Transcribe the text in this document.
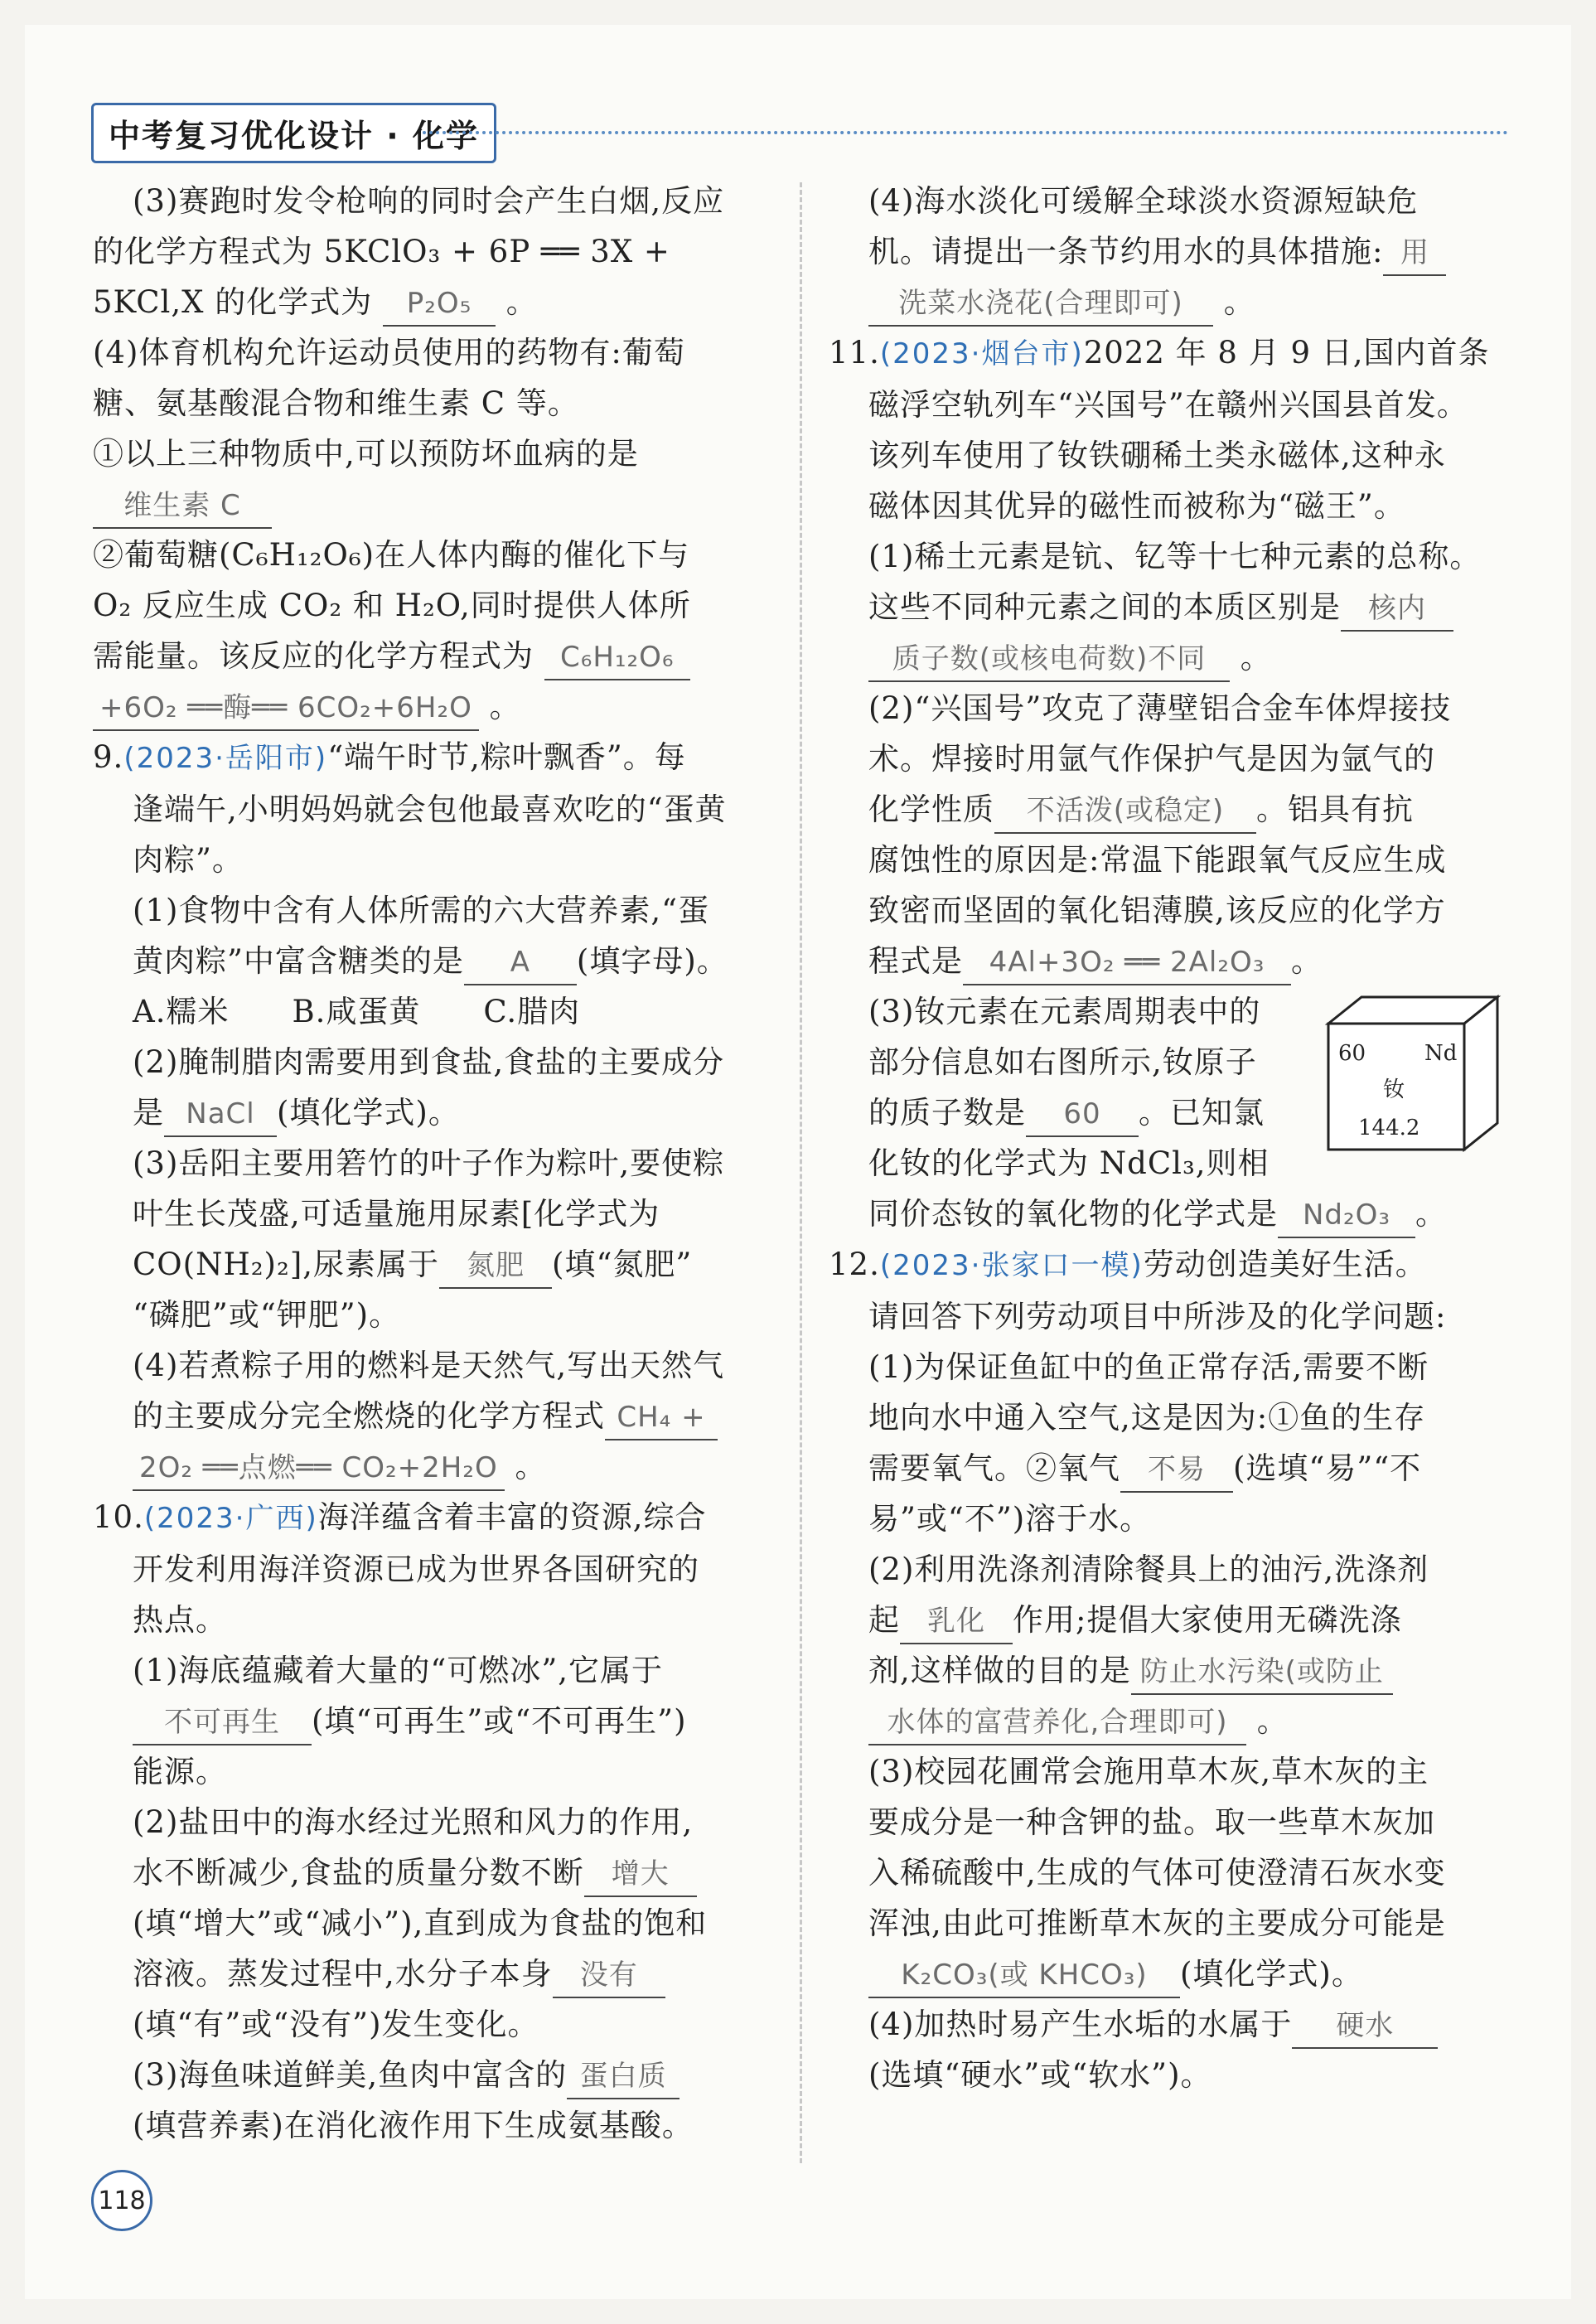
中考复习优化设计 · 化学
(3)赛跑时发令枪响的同时会产生白烟,反应
的化学方程式为 5KClO₃ + 6P ══ 3X +
5KCl,X 的化学式为 P₂O₅ 。
(4)体育机构允许运动员使用的药物有:葡萄
糖、氨基酸混合物和维生素 C 等。
①以上三种物质中,可以预防坏血病的是
维生素 C
②葡萄糖(C₆H₁₂O₆)在人体内酶的催化下与
O₂ 反应生成 CO₂ 和 H₂O,同时提供人体所
需能量。该反应的化学方程式为 C₆H₁₂O₆
+6O₂ ══酶══ 6CO₂+6H₂O 。
9.(2023·岳阳市)“端午时节,粽叶飘香”。每
逢端午,小明妈妈就会包他最喜欢吃的“蛋黄
肉粽”。
(1)食物中含有人体所需的六大营养素,“蛋
黄肉粽”中富含糖类的是 A (填字母)。
A.糯米　　B.咸蛋黄　　C.腊肉
(2)腌制腊肉需要用到食盐,食盐的主要成分
是 NaCl (填化学式)。
(3)岳阳主要用箬竹的叶子作为粽叶,要使粽
叶生长茂盛,可适量施用尿素[化学式为
CO(NH₂)₂],尿素属于 氮肥 (填“氮肥”
“磷肥”或“钾肥”)。
(4)若煮粽子用的燃料是天然气,写出天然气
的主要成分完全燃烧的化学方程式 CH₄ +
2O₂ ══点燃══ CO₂+2H₂O 。
10.(2023·广西)海洋蕴含着丰富的资源,综合
开发利用海洋资源已成为世界各国研究的
热点。
(1)海底蕴藏着大量的“可燃冰”,它属于
不可再生 (填“可再生”或“不可再生”)
能源。
(2)盐田中的海水经过光照和风力的作用,
水不断减少,食盐的质量分数不断 增大
(填“增大”或“减小”),直到成为食盐的饱和
溶液。蒸发过程中,水分子本身 没有
(填“有”或“没有”)发生变化。
(3)海鱼味道鲜美,鱼肉中富含的 蛋白质
(填营养素)在消化液作用下生成氨基酸。
(4)海水淡化可缓解全球淡水资源短缺危
机。请提出一条节约用水的具体措施: 用
洗菜水浇花(合理即可) 。
11.(2023·烟台市)2022 年 8 月 9 日,国内首条
磁浮空轨列车“兴国号”在赣州兴国县首发。
该列车使用了钕铁硼稀土类永磁体,这种永
磁体因其优异的磁性而被称为“磁王”。
(1)稀土元素是钪、钇等十七种元素的总称。
这些不同种元素之间的本质区别是 核内
质子数(或核电荷数)不同 。
(2)“兴国号”攻克了薄壁铝合金车体焊接技
术。焊接时用氩气作保护气是因为氩气的
化学性质 不活泼(或稳定) 。铝具有抗
腐蚀性的原因是:常温下能跟氧气反应生成
致密而坚固的氧化铝薄膜,该反应的化学方
程式是 4Al+3O₂ ══ 2Al₂O₃ 。
(3)钕元素在元素周期表中的
部分信息如右图所示,钕原子
的质子数是 60 。已知氯
化钕的化学式为 NdCl₃,则相
同价态钕的氧化物的化学式是 Nd₂O₃ 。
12.(2023·张家口一模)劳动创造美好生活。
请回答下列劳动项目中所涉及的化学问题:
(1)为保证鱼缸中的鱼正常存活,需要不断
地向水中通入空气,这是因为:①鱼的生存
需要氧气。②氧气 不易 (选填“易”“不
易”或“不”)溶于水。
(2)利用洗涤剂清除餐具上的油污,洗涤剂
起 乳化 作用;提倡大家使用无磷洗涤
剂,这样做的目的是 防止水污染(或防止
水体的富营养化,合理即可) 。
(3)校园花圃常会施用草木灰,草木灰的主
要成分是一种含钾的盐。取一些草木灰加
入稀硫酸中,生成的气体可使澄清石灰水变
浑浊,由此可推断草木灰的主要成分可能是
K₂CO₃(或 KHCO₃) (填化学式)。
(4)加热时易产生水垢的水属于 硬水
(选填“硬水”或“软水”)。
60	Nd
钕
144.2
118
